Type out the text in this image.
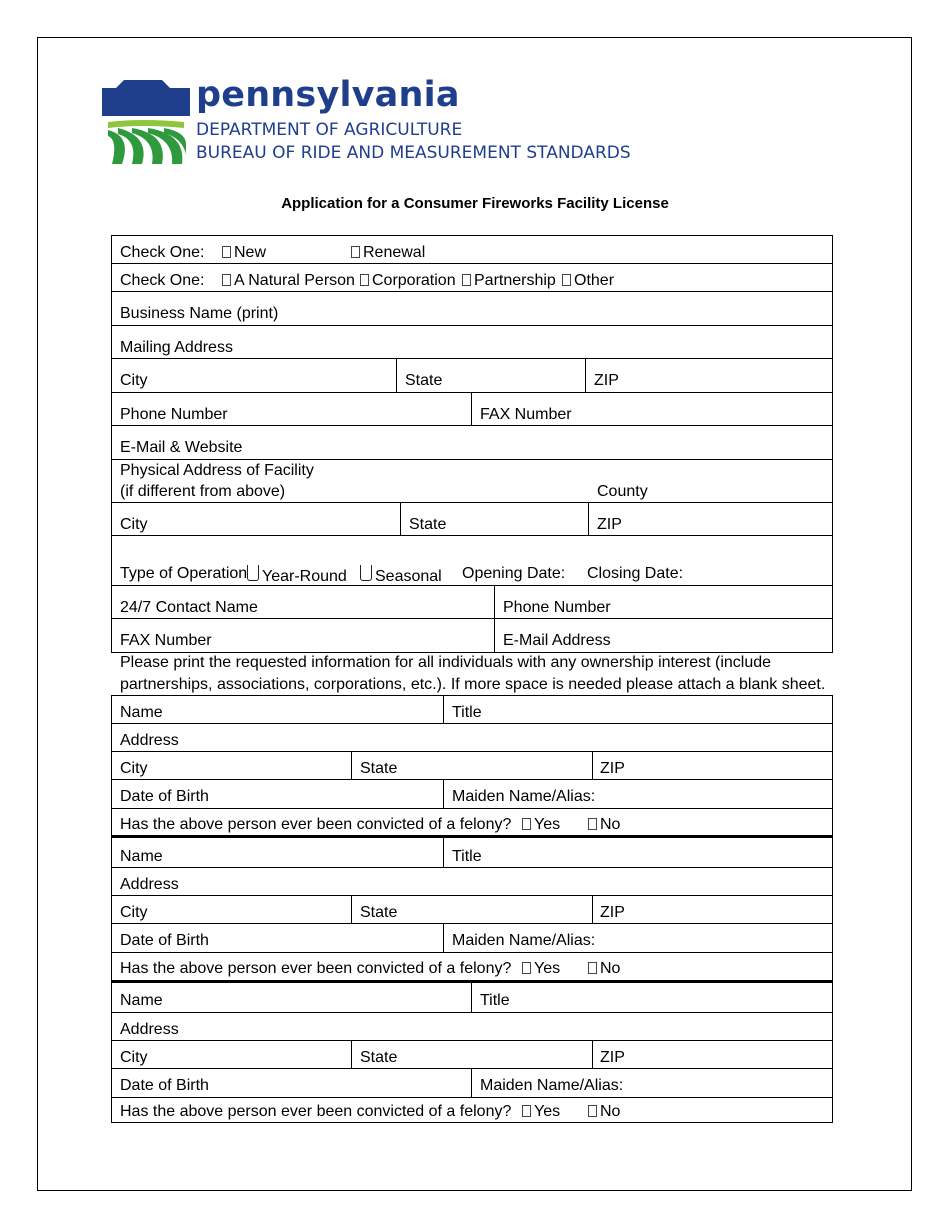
pennsylvania
DEPARTMENT OF AGRICULTURE
BUREAU OF RIDE AND MEASUREMENT STANDARDS
Application for a Consumer Fireworks Facility License
Check One:	New	Renewal
Check One:	A Natural Person	Corporation	Partnership	Other
Business Name (print)
Mailing Address
City	State	ZIP
Phone Number	FAX Number
E-Mail & Website
Physical Address of Facility
(if different from above)	County
City	State	ZIP
Type of Operation Year-Round	Seasonal Opening Date: Closing Date:
24/7 Contact Name	Phone Number
FAX Number	E-Mail Address
Please print the requested information for all individuals with any ownership interest (include
partnerships, associations, corporations, etc.). If more space is needed please attach a blank sheet.
Name	Title
Address
City	State	ZIP
Date of Birth	Maiden Name/Alias:
Has the above person ever been convicted of a felony?	Yes	No
Name	Title
Address
City	State	ZIP
Date of Birth	Maiden Name/Alias:
Has the above person ever been convicted of a felony?	Yes	No
Name	Title
Address
City	State	ZIP
Date of Birth	Maiden Name/Alias:
Has the above person ever been convicted of a felony?	Yes	No
